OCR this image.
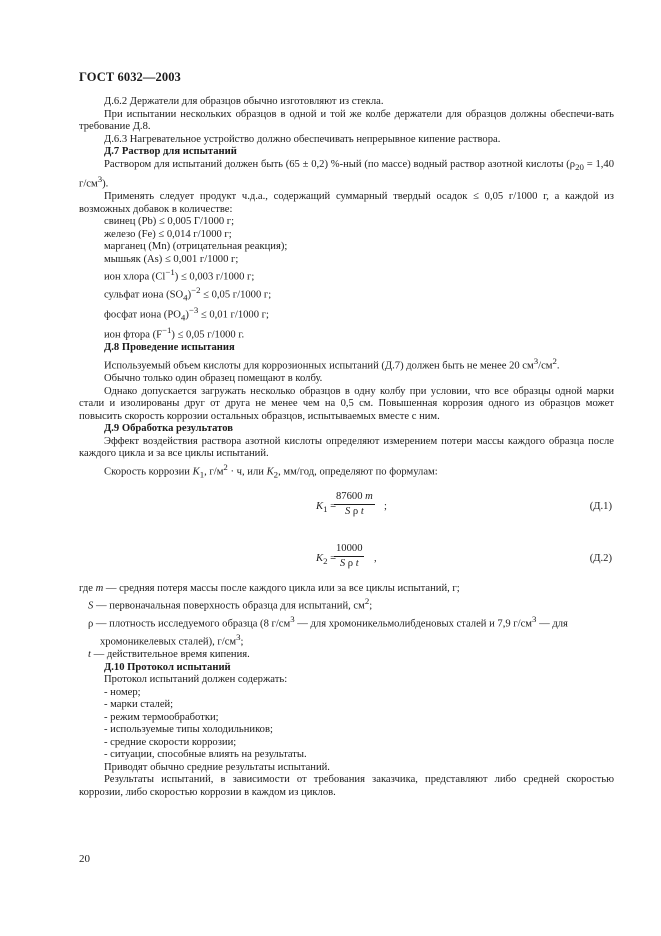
ГОСТ 6032—2003

Д.6.2 Держатели для образцов обычно изготовляют из стекла.

При испытании нескольких образцов в одной и той же колбе держатели для образцов должны обеспечи-вать требование Д.8.

Д.6.3 Нагревательное устройство должно обеспечивать непрерывное кипение раствора.

Д.7 Раствор для испытаний

Раствором для испытаний должен быть (65 ± 0,2) %-ный (по массе) водный раствор азотной кислоты ($\rho_{20} = 1,40$ $г/см^3$).

Применять следует продукт ч.д.а., содержащий суммарный твердый осадок ≤ 0,05 г/1000 г, а каждой из возможных добавок в количестве:

свинец (Pb) ≤ 0,005 Г/1000 г;

железо (Fe) ≤ 0,014 г/1000 г;

марганец (Mn) (отрицательная реакция);

мышьяк (As) ≤ 0,001 г/1000 г;

ион хлора $(Cl^{-1}) \le 0,003$ г/1000 г;

сульфат иона $(SO_4)^{-2} \le 0,05$ г/1000 г;

фосфат иона $(PO_4)^{-3} \le 0,01$ г/1000 г;

ион фтора $(F^{-1}) \le 0,05$ г/1000 г.

Д.8 Проведение испытания

Используемый объем кислоты для коррозионных испытаний (Д.7) должен быть не менее 20 $см^3/см^2$.

Обычно только один образец помещают в колбу.

Однако допускается загружать несколько образцов в одну колбу при условии, что все образцы одной марки стали и изолированы друг от друга не менее чем на 0,5 см. Повышенная коррозия одного из образцов может повысить скорость коррозии остальных образцов, испытываемых вместе с ним.

Д.9 Обработка результатов

Эффект воздействия раствора азотной кислоты определяют измерением потери массы каждого образца после каждого цикла и за все циклы испытаний.

Скорость коррозии $K_1$, $г/м^2 \cdot ч$, или $K_2$, мм/год, определяют по формулам:

$K_1$ =
$\frac{87600 m}{\text{S ρ t}}$ ;	(Д.1)
$K_2$ =
$\frac{10000}{\text{S ρ t}}$ ,	(Д.2)

где m — средняя потеря массы после каждого цикла или за все циклы испытаний, г;

S — первоначальная поверхность образца для испытаний, $см^2$;

ρ — плотность исследуемого образца (8 $г/см^3$ — для хромоникельмолибденовых сталей и 7,9 $г/см^3$ — для

хромоникелевых сталей), $г/см^3$;

t — действительное время кипения.

Д.10 Протокол испытаний

Протокол испытаний должен содержать:

- номер;

- марки сталей;

- режим термообработки;

- используемые типы холодильников;

- средние скорости коррозии;

- ситуации, способные влиять на результаты.

Приводят обычно средние результаты испытаний.

Результаты испытаний, в зависимости от требования заказчика, представляют либо средней скоростью коррозии, либо скоростью коррозии в каждом из циклов.

20
